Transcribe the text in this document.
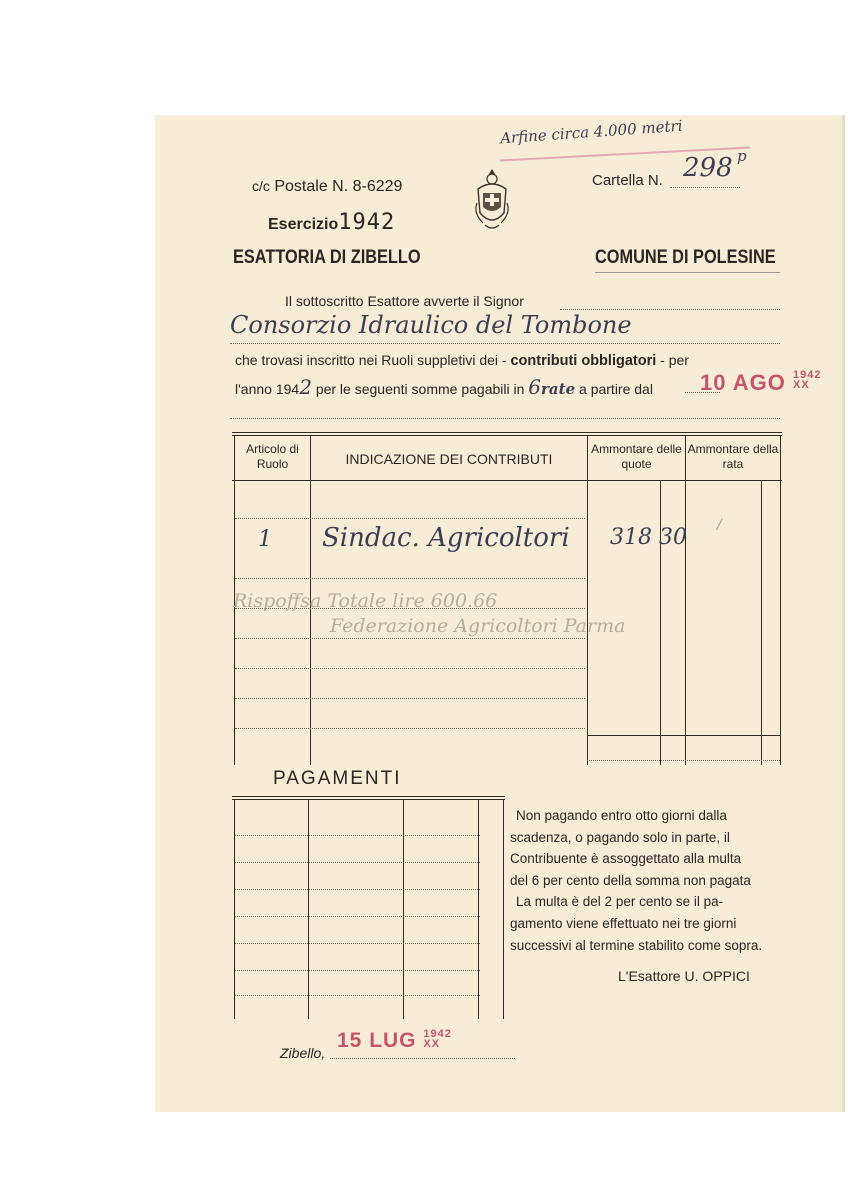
Arfine circa 4.000 metri
c/c Postale N. 8-6229
Esercizio1942
Cartella N. 298 p
ESATTORIA DI ZIBELLO	COMUNE DI POLESINE
Il sottoscritto Esattore avverte il Signor
Consorzio Idraulico del Tombone
che trovasi inscritto nei Ruoli suppletivi dei - contributi obbligatori - per
l'anno 1942 per le seguenti somme pagabili in 6rate a partire dal 10 AGO 1942
XX
Articolo di Ruolo	INDICAZIONE DEI CONTRIBUTI
Ammontare delle quote
Ammontare della rata
1 Sindac. Agricoltori 318 30 /
Rispoffsa Totale lire 600.66
Federazione Agricoltori Parma
PAGAMENTI
Non pagando entro otto giorni dalla
scadenza, o pagando solo in parte, il
Contribuente è assoggettato alla multa
del 6 per cento della somma non pagata
La multa è del 2 per cento se il pa-
gamento viene effettuato nei tre giorni
successivi al termine stabilito come sopra.
L'Esattore U. OPPICI
Zibello,
15 LUG 1942
XX
